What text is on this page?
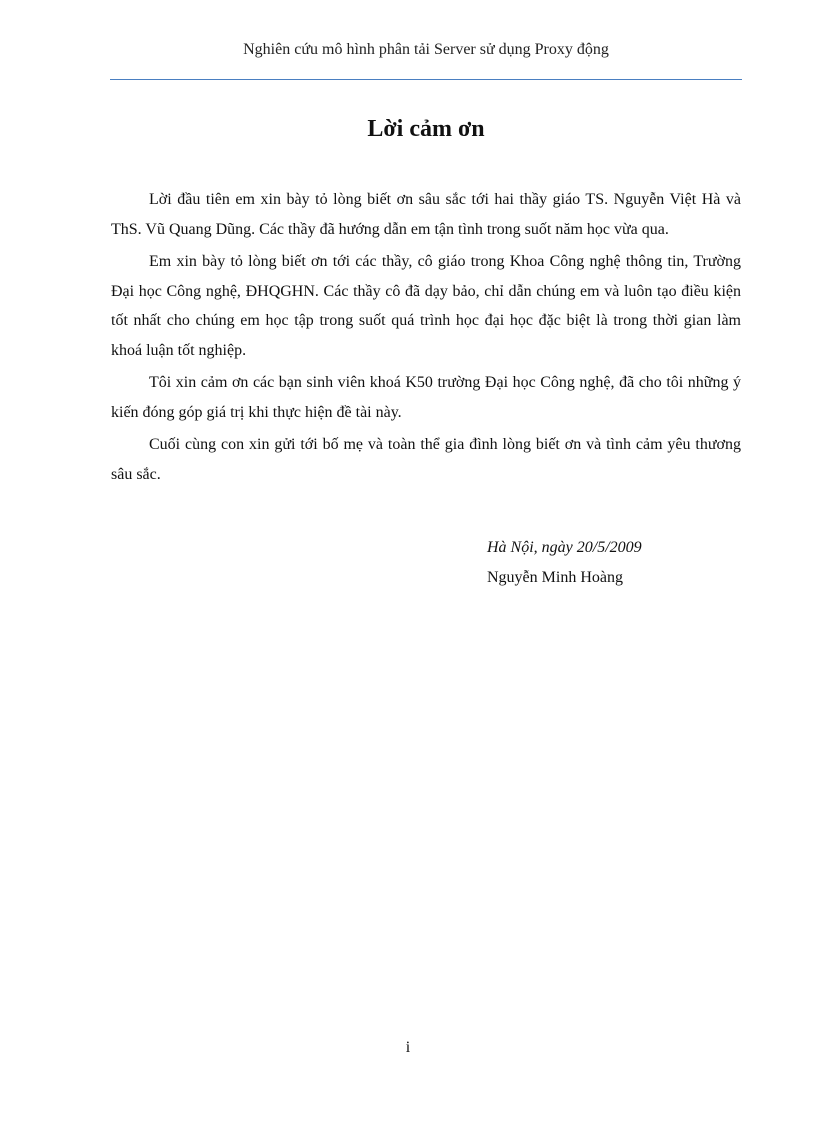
Nghiên cứu mô hình phân tải Server sử dụng Proxy động
Lời cảm ơn

Lời đầu tiên em xin bày tỏ lòng biết ơn sâu sắc tới hai thầy giáo TS. Nguyễn Việt Hà và ThS. Vũ Quang Dũng. Các thầy đã hướng dẫn em tận tình trong suốt năm học vừa qua.

Em xin bày tỏ lòng biết ơn tới các thầy, cô giáo trong Khoa Công nghệ thông tin, Trường Đại học Công nghệ, ĐHQGHN. Các thầy cô đã dạy bảo, chỉ dẫn chúng em và luôn tạo điều kiện tốt nhất cho chúng em học tập trong suốt quá trình học đại học đặc biệt là trong thời gian làm khoá luận tốt nghiệp.

Tôi xin cảm ơn các bạn sinh viên khoá K50 trường Đại học Công nghệ, đã cho tôi những ý kiến đóng góp giá trị khi thực hiện đề tài này.

Cuối cùng con xin gửi tới bố mẹ và toàn thể gia đình lòng biết ơn và tình cảm yêu thương sâu sắc.

Hà Nội, ngày 20/5/2009
Nguyễn Minh Hoàng
i
